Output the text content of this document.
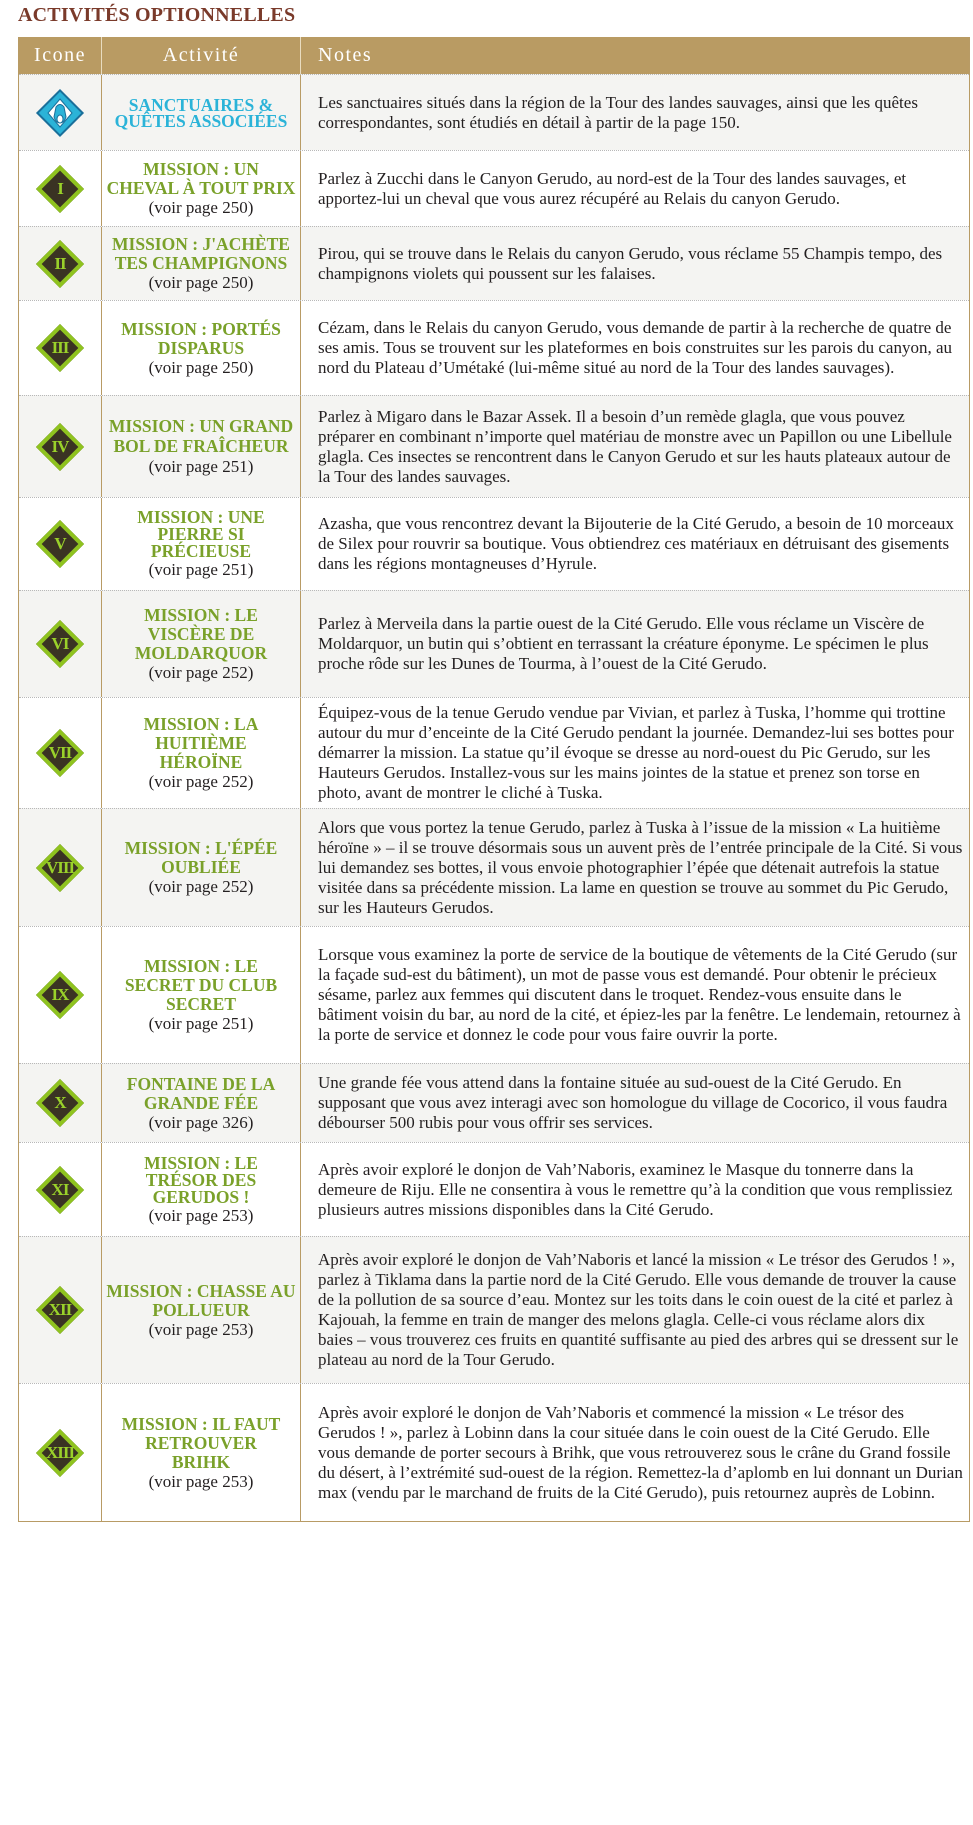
ACTIVITÉS OPTIONNELLES
Icone	Activité	Notes
SANCTUAIRES & QUÊTES ASSOCIÉES
Les sanctuaires situés dans la région de la Tour des landes sauvages, ainsi que les quêtes correspondantes, sont étudiés en détail à partir de la page 150.
I
MISSION : UN CHEVAL À TOUT PRIX
(voir page 250)
Parlez à Zucchi dans le Canyon Gerudo, au nord-est de la Tour des landes sauvages, et apportez-lui un cheval que vous aurez récupéré au Relais du canyon Gerudo.
II
MISSION : J'ACHÈTE TES CHAMPIGNONS
(voir page 250)
Pirou, qui se trouve dans le Relais du canyon Gerudo, vous réclame 55 Champis tempo, des champignons violets qui poussent sur les falaises.
III
MISSION : PORTÉS DISPARUS
(voir page 250)
Cézam, dans le Relais du canyon Gerudo, vous demande de partir à la recherche de quatre de ses amis. Tous se trouvent sur les plateformes en bois construites sur les parois du canyon, au nord du Plateau d’Umétaké (lui-même situé au nord de la Tour des landes sauvages).
IV
MISSION : UN GRAND BOL DE FRAÎCHEUR (voir page 251)
Parlez à Migaro dans le Bazar Assek. Il a besoin d’un remède glagla, que vous pouvez préparer en combinant n’importe quel matériau de monstre avec un Papillon ou une Libellule glagla. Ces insectes se rencontrent dans le Canyon Gerudo et sur les hauts plateaux autour de la Tour des landes sauvages.
V
MISSION : UNE PIERRE SI PRÉCIEUSE
(voir page 251)
Azasha, que vous rencontrez devant la Bijouterie de la Cité Gerudo, a besoin de 10 morceaux de Silex pour rouvrir sa boutique. Vous obtiendrez ces matériaux en détruisant des gisements dans les régions montagneuses d’Hyrule.
VI
MISSION : LE VISCÈRE DE MOLDARQUOR
(voir page 252)
Parlez à Merveila dans la partie ouest de la Cité Gerudo. Elle vous réclame un Viscère de Moldarquor, un butin qui s’obtient en terrassant la créature éponyme. Le spécimen le plus proche rôde sur les Dunes de Tourma, à l’ouest de la Cité Gerudo.
VII
MISSION : LA HUITIÈME HÉROÏNE
(voir page 252)
Équipez-vous de la tenue Gerudo vendue par Vivian, et parlez à Tuska, l’homme qui trottine autour du mur d’enceinte de la Cité Gerudo pendant la journée. Demandez-lui ses bottes pour démarrer la mission. La statue qu’il évoque se dresse au nord-ouest du Pic Gerudo, sur les Hauteurs Gerudos. Installez-vous sur les mains jointes de la statue et prenez son torse en photo, avant de montrer le cliché à Tuska.
VIII
MISSION : L'ÉPÉE OUBLIÉE
(voir page 252)
Alors que vous portez la tenue Gerudo, parlez à Tuska à l’issue de la mission « La huitième héroïne » – il se trouve désormais sous un auvent près de l’entrée principale de la Cité. Si vous lui demandez ses bottes, il vous envoie photographier l’épée que détenait autrefois la statue visitée dans sa précédente mission. La lame en question se trouve au sommet du Pic Gerudo, sur les Hauteurs Gerudos.
IX
MISSION : LE SECRET DU CLUB SECRET
(voir page 251)
Lorsque vous examinez la porte de service de la boutique de vêtements de la Cité Gerudo (sur la façade sud-est du bâtiment), un mot de passe vous est demandé. Pour obtenir le précieux sésame, parlez aux femmes qui discutent dans le troquet. Rendez-vous ensuite dans le bâtiment voisin du bar, au nord de la cité, et épiez-les par la fenêtre. Le lendemain, retournez à la porte de service et donnez le code pour vous faire ouvrir la porte.
X
FONTAINE DE LA GRANDE FÉE
(voir page 326)
Une grande fée vous attend dans la fontaine située au sud-ouest de la Cité Gerudo. En supposant que vous avez interagi avec son homologue du village de Cocorico, il vous faudra débourser 500 rubis pour vous offrir ses services.
XI
MISSION : LE TRÉSOR DES GERUDOS !
(voir page 253)
Après avoir exploré le donjon de Vah’Naboris, examinez le Masque du tonnerre dans la demeure de Riju. Elle ne consentira à vous le remettre qu’à la condition que vous remplissiez plusieurs autres missions disponibles dans la Cité Gerudo.
XII
MISSION : CHASSE AU POLLUEUR
(voir page 253)
Après avoir exploré le donjon de Vah’Naboris et lancé la mission « Le trésor des Gerudos ! », parlez à Tiklama dans la partie nord de la Cité Gerudo. Elle vous demande de trouver la cause de la pollution de sa source d’eau. Montez sur les toits dans le coin ouest de la cité et parlez à Kajouah, la femme en train de manger des melons glagla. Celle-ci vous réclame alors dix baies – vous trouverez ces fruits en quantité suffisante au pied des arbres qui se dressent sur le plateau au nord de la Tour Gerudo.
XIII
MISSION : IL FAUT RETROUVER BRIHK
(voir page 253)
Après avoir exploré le donjon de Vah’Naboris et commencé la mission « Le trésor des Gerudos ! », parlez à Lobinn dans la cour située dans le coin ouest de la Cité Gerudo. Elle vous demande de porter secours à Brihk, que vous retrouverez sous le crâne du Grand fossile du désert, à l’extrémité sud-ouest de la région. Remettez-la d’aplomb en lui donnant un Durian max (vendu par le marchand de fruits de la Cité Gerudo), puis retournez auprès de Lobinn.
